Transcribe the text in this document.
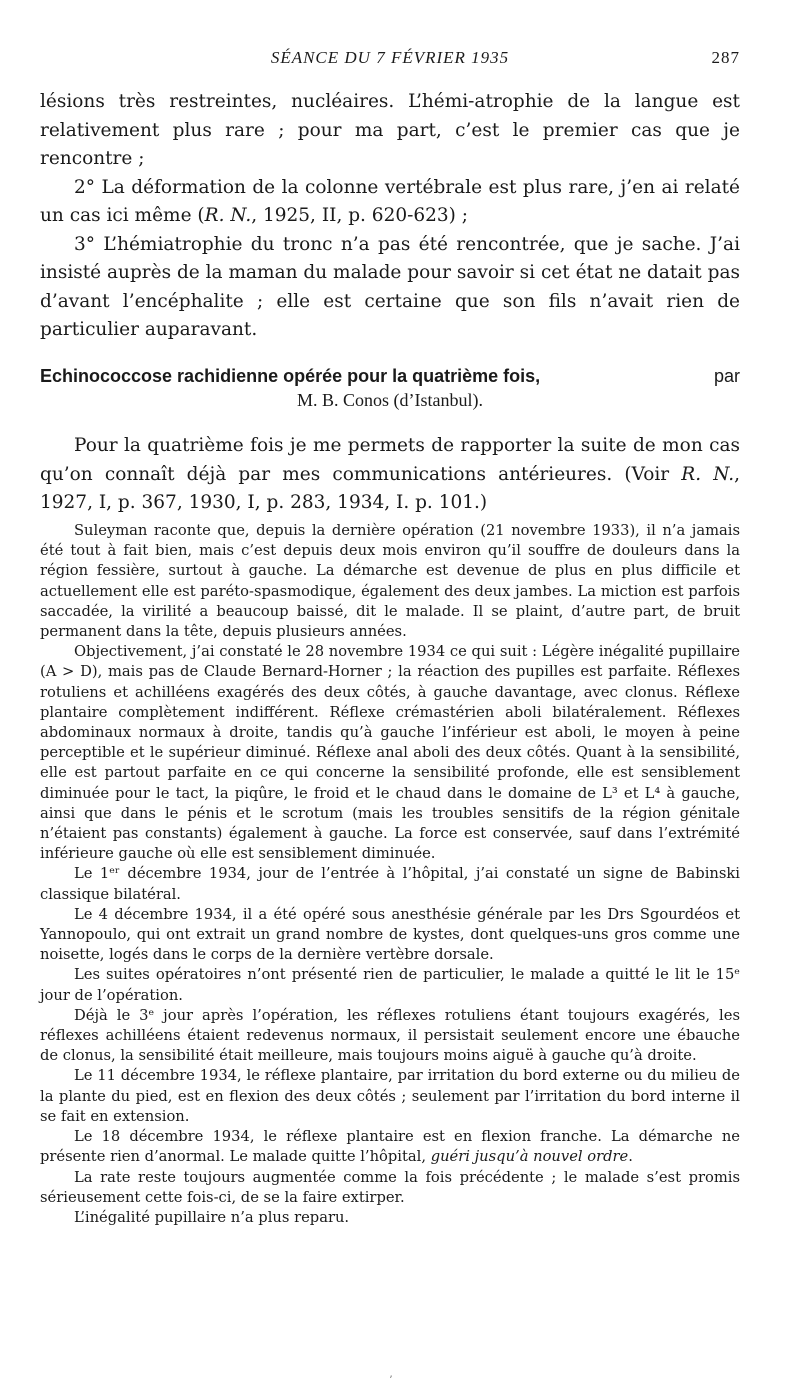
SÉANCE DU 7 FÉVRIER 1935	287

lésions très restreintes, nucléaires. L’hémi-atrophie de la langue est relativement plus rare ; pour ma part, c’est le premier cas que je rencontre ;

2° La déformation de la colonne vertébrale est plus rare, j’en ai relaté un cas ici même (R. N., 1925, II, p. 620-623) ;

3° L’hémiatrophie du tronc n’a pas été rencontrée, que je sache. J’ai insisté auprès de la maman du malade pour savoir si cet état ne datait pas d’avant l’encéphalite ; elle est certaine que son fils n’avait rien de particulier auparavant.

Echinococcose rachidienne opérée pour la quatrième fois,	par
M. B. Conos (d’Istanbul).
Pour la quatrième fois je me permets de rapporter la suite de mon cas qu’on connaît déjà par mes communications antérieures. (Voir R. N., 1927, I, p. 367, 1930, I, p. 283, 1934, I. p. 101.)

Suleyman raconte que, depuis la dernière opération (21 novembre 1933), il n’a jamais été tout à fait bien, mais c’est depuis deux mois environ qu’il souffre de douleurs dans la région fessière, surtout à gauche. La démarche est devenue de plus en plus difficile et actuellement elle est paréto-spasmodique, également des deux jambes. La miction est parfois saccadée, la virilité a beaucoup baissé, dit le malade. Il se plaint, d’autre part, de bruit permanent dans la tête, depuis plusieurs années.

Objectivement, j’ai constaté le 28 novembre 1934 ce qui suit : Légère inégalité pupillaire (A > D), mais pas de Claude Bernard-Horner ; la réaction des pupilles est parfaite. Réflexes rotuliens et achilléens exagérés des deux côtés, à gauche davantage, avec clonus. Réflexe plantaire complètement indifférent. Réflexe crémastérien aboli bilatéralement. Réflexes abdominaux normaux à droite, tandis qu’à gauche l’inférieur est aboli, le moyen à peine perceptible et le supérieur diminué. Réflexe anal aboli des deux côtés. Quant à la sensibilité, elle est partout parfaite en ce qui concerne la sensibilité profonde, elle est sensiblement diminuée pour le tact, la piqûre, le froid et le chaud dans le domaine de L³ et L⁴ à gauche, ainsi que dans le pénis et le scrotum (mais les troubles sensitifs de la région génitale n’étaient pas constants) également à gauche. La force est conservée, sauf dans l’extrémité inférieure gauche où elle est sensiblement diminuée.

Le 1ᵉʳ décembre 1934, jour de l’entrée à l’hôpital, j’ai constaté un signe de Babinski classique bilatéral.

Le 4 décembre 1934, il a été opéré sous anesthésie générale par les Drs Sgourdéos et Yannopoulo, qui ont extrait un grand nombre de kystes, dont quelques-uns gros comme une noisette, logés dans le corps de la dernière vertèbre dorsale.

Les suites opératoires n’ont présenté rien de particulier, le malade a quitté le lit le 15ᵉ jour de l’opération.

Déjà le 3ᵉ jour après l’opération, les réflexes rotuliens étant toujours exagérés, les réflexes achilléens étaient redevenus normaux, il persistait seulement encore une ébauche de clonus, la sensibilité était meilleure, mais toujours moins aiguë à gauche qu’à droite.

Le 11 décembre 1934, le réflexe plantaire, par irritation du bord externe ou du milieu de la plante du pied, est en flexion des deux côtés ; seulement par l’irritation du bord interne il se fait en extension.

Le 18 décembre 1934, le réflexe plantaire est en flexion franche. La démarche ne présente rien d’anormal. Le malade quitte l’hôpital, guéri jusqu’à nouvel ordre.

La rate reste toujours augmentée comme la fois précédente ; le malade s’est promis sérieusement cette fois-ci, de se la faire extirper.

L’inégalité pupillaire n’a plus reparu.

ʼ
